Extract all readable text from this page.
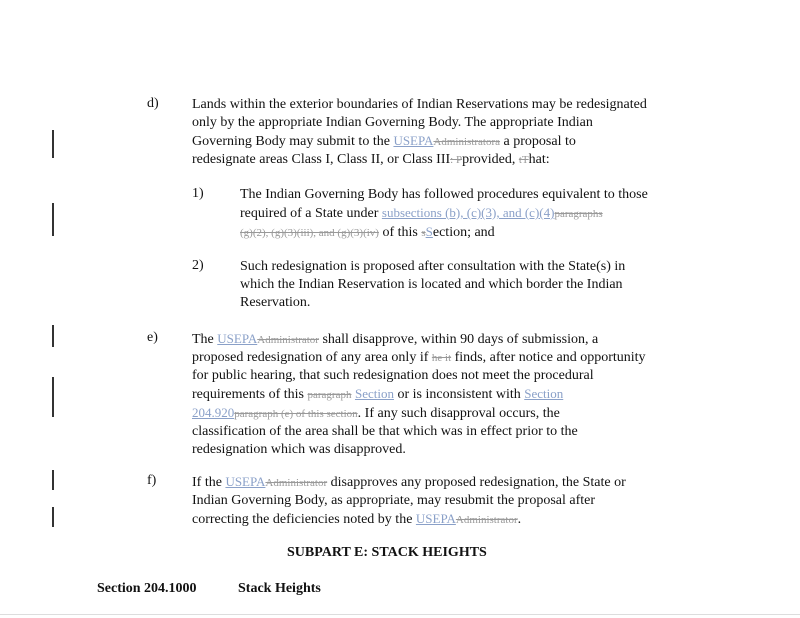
d) Lands within the exterior boundaries of Indian Reservations may be redesignated
only by the appropriate Indian Governing Body. The appropriate Indian
Governing Body may submit to the USEPAAdministratora a proposal to
redesignate areas Class I, Class II, or Class III: Pprovided, tThat:
1)	The Indian Governing Body has followed procedures equivalent to those
required of a State under subsections (b), (c)(3), and (c)(4)paragraphs
(g)(2), (g)(3)(iii), and (g)(3)(iv) of this sSection; and
2)	Such redesignation is proposed after consultation with the State(s) in
which the Indian Reservation is located and which border the Indian
Reservation.
e) The USEPAAdministrator shall disapprove, within 90 days of submission, a
proposed redesignation of any area only if he it finds, after notice and opportunity
for public hearing, that such redesignation does not meet the procedural
requirements of this paragraph Section or is inconsistent with Section
204.920paragraph (e) of this section. If any such disapproval occurs, the
classification of the area shall be that which was in effect prior to the
redesignation which was disapproved.
f)	If the USEPAAdministrator disapproves any proposed redesignation, the State or
Indian Governing Body, as appropriate, may resubmit the proposal after
correcting the deficiencies noted by the USEPAAdministrator.
SUBPART E: STACK HEIGHTS
Section 204.1000	Stack Heights
